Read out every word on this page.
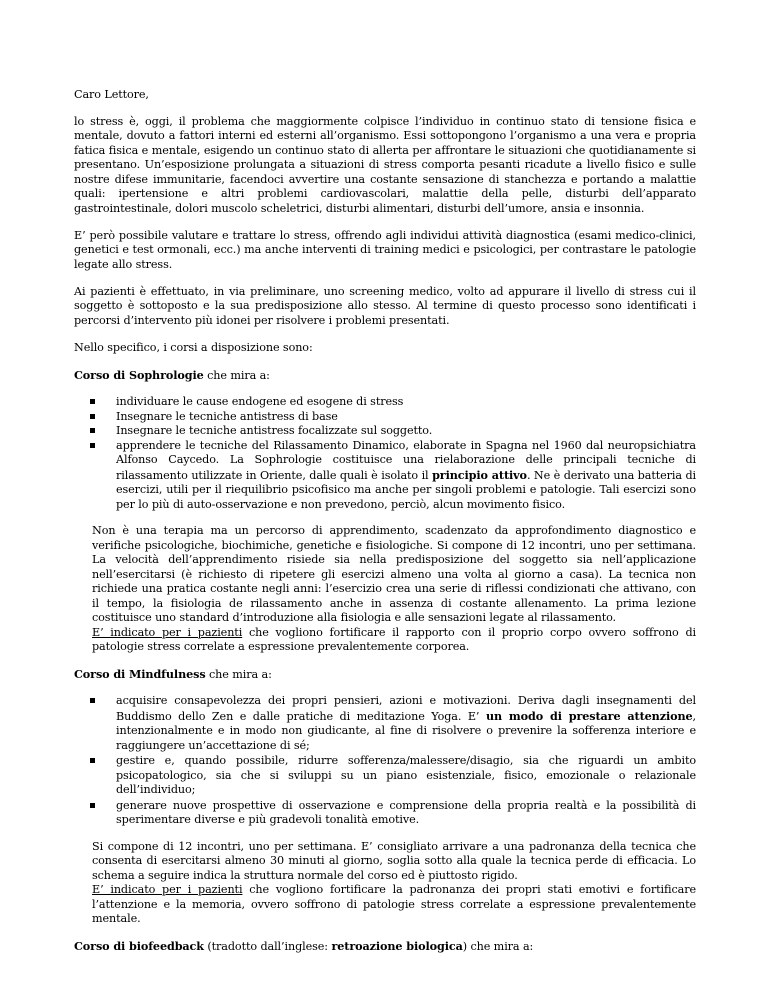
Caro Lettore,

lo stress è, oggi, il problema che maggiormente colpisce l’individuo in continuo stato di tensione fisica e mentale, dovuto a fattori interni ed esterni all’organismo. Essi sottopongono l’organismo a una vera e propria fatica fisica e mentale, esigendo un continuo stato di allerta per affrontare le situazioni che quotidianamente si presentano. Un’esposizione prolungata a situazioni di stress comporta pesanti ricadute a livello fisico e sulle nostre difese immunitarie, facendoci avvertire una costante sensazione di stanchezza e portando a malattie quali: ipertensione e altri problemi cardiovascolari, malattie della pelle, disturbi dell’apparato gastrointestinale, dolori muscolo scheletrici, disturbi alimentari, disturbi dell’umore, ansia e insonnia.

E’ però possibile valutare e trattare lo stress, offrendo agli individui attività diagnostica (esami medico-clinici, genetici e test ormonali, ecc.) ma anche interventi di training medici e psicologici, per contrastare le patologie legate allo stress.

Ai pazienti è effettuato, in via preliminare, uno screening medico, volto ad appurare il livello di stress cui il soggetto è sottoposto e la sua predisposizione allo stesso. Al termine di questo processo sono identificati i percorsi d’intervento più idonei per risolvere i problemi presentati.

Nello specifico, i corsi a disposizione sono:

Corso di Sophrologie che mira a:

individuare le cause endogene ed esogene di stress
Insegnare le tecniche antistress di base
Insegnare le tecniche antistress focalizzate sul soggetto.
apprendere le tecniche del Rilassamento Dinamico, elaborate in Spagna nel 1960 dal neuropsichiatra Alfonso Caycedo. La Sophrologie costituisce una rielaborazione delle principali tecniche di rilassamento utilizzate in Oriente, dalle quali è isolato il principio attivo. Ne è derivato una batteria di esercizi, utili per il riequilibrio psicofisico ma anche per singoli problemi e patologie. Tali esercizi sono per lo più di auto-osservazione e non prevedono, perciò, alcun movimento fisico.

Non è una terapia ma un percorso di apprendimento, scadenzato da approfondimento diagnostico e verifiche psicologiche, biochimiche, genetiche e fisiologiche. Si compone di 12 incontri, uno per settimana. La velocità dell’apprendimento risiede sia nella predisposizione del soggetto sia nell’applicazione nell’esercitarsi (è richiesto di ripetere gli esercizi almeno una volta al giorno a casa). La tecnica non richiede una pratica costante negli anni: l’esercizio crea una serie di riflessi condizionati che attivano, con il tempo, la fisiologia de rilassamento anche in assenza di costante allenamento. La prima lezione costituisce uno standard d’introduzione alla fisiologia e alle sensazioni legate al rilassamento.
E’ indicato per i pazienti che vogliono fortificare il rapporto con il proprio corpo ovvero soffrono di patologie stress correlate a espressione prevalentemente corporea.

Corso di Mindfulness che mira a:

acquisire consapevolezza dei propri pensieri, azioni e motivazioni. Deriva dagli insegnamenti del Buddismo dello Zen e dalle pratiche di meditazione Yoga. E’ un modo di prestare attenzione, intenzionalmente e in modo non giudicante, al fine di risolvere o prevenire la sofferenza interiore e raggiungere un’accettazione di sé;
gestire e, quando possibile, ridurre sofferenza/malessere/disagio, sia che riguardi un ambito psicopatologico, sia che si sviluppi su un piano esistenziale, fisico, emozionale o relazionale dell’individuo;
generare nuove prospettive di osservazione e comprensione della propria realtà e la possibilità di sperimentare diverse e più gradevoli tonalità emotive.

Si compone di 12 incontri, uno per settimana. E’ consigliato arrivare a una padronanza della tecnica che consenta di esercitarsi almeno 30 minuti al giorno, soglia sotto alla quale la tecnica perde di efficacia. Lo schema a seguire indica la struttura normale del corso ed è piuttosto rigido.
E’ indicato per i pazienti che vogliono fortificare la padronanza dei propri stati emotivi e fortificare l’attenzione e la memoria, ovvero soffrono di patologie stress correlate a espressione prevalentemente mentale.

Corso di biofeedback (tradotto dall’inglese: retroazione biologica) che mira a:
